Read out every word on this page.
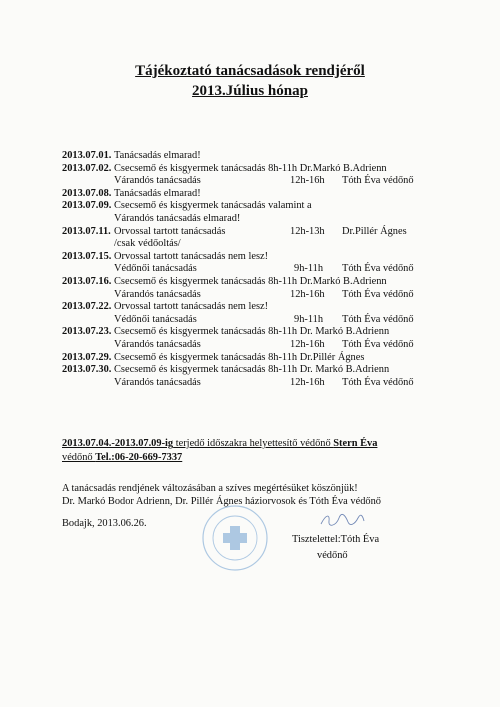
Tájékoztató tanácsadások rendjéről
2013.Július hónap
2013.07.01. Tanácsadás elmarad!
2013.07.02. Csecsemő és kisgyermek tanácsadás 8h-11h Dr.Markó B.Adrienn
Várandós tanácsadás	12h-16h Tóth Éva védőnő
2013.07.08. Tanácsadás elmarad!
2013.07.09. Csecsemő és kisgyermek tanácsadás valamint a
Várandós tanácsadás elmarad!
2013.07.11. Orvossal tartott tanácsadás	12h-13h Dr.Pillér Ágnes
/csak védőoltás/
2013.07.15. Orvossal tartott tanácsadás nem lesz!
Védőnői tanácsadás	9h-11h Tóth Éva védőnő
2013.07.16. Csecsemő és kisgyermek tanácsadás 8h-11h Dr.Markó B.Adrienn
Várandós tanácsadás	12h-16h Tóth Éva védőnő
2013.07.22. Orvossal tartott tanácsadás nem lesz!
Védőnői tanácsadás	9h-11h Tóth Éva védőnő
2013.07.23. Csecsemő és kisgyermek tanácsadás 8h-11h Dr. Markó B.Adrienn
Várandós tanácsadás	12h-16h Tóth Éva védőnő
2013.07.29. Csecsemő és kisgyermek tanácsadás 8h-11h Dr.Pillér Ágnes
2013.07.30. Csecsemő és kisgyermek tanácsadás 8h-11h Dr. Markó B.Adrienn
Várandós tanácsadás	12h-16h Tóth Éva védőnő
2013.07.04.-2013.07.09-ig terjedő időszakra helyettesítő védőnő Stern Éva
védőnő Tel.:06-20-669-7337
A tanácsadás rendjének változásában a szíves megértésüket köszönjük!
Dr. Markó Bodor Adrienn, Dr. Pillér Ágnes háziorvosok és Tóth Éva védőnő
Bodajk, 2013.06.26.
Tisztelettel:Tóth Éva
védőnő
